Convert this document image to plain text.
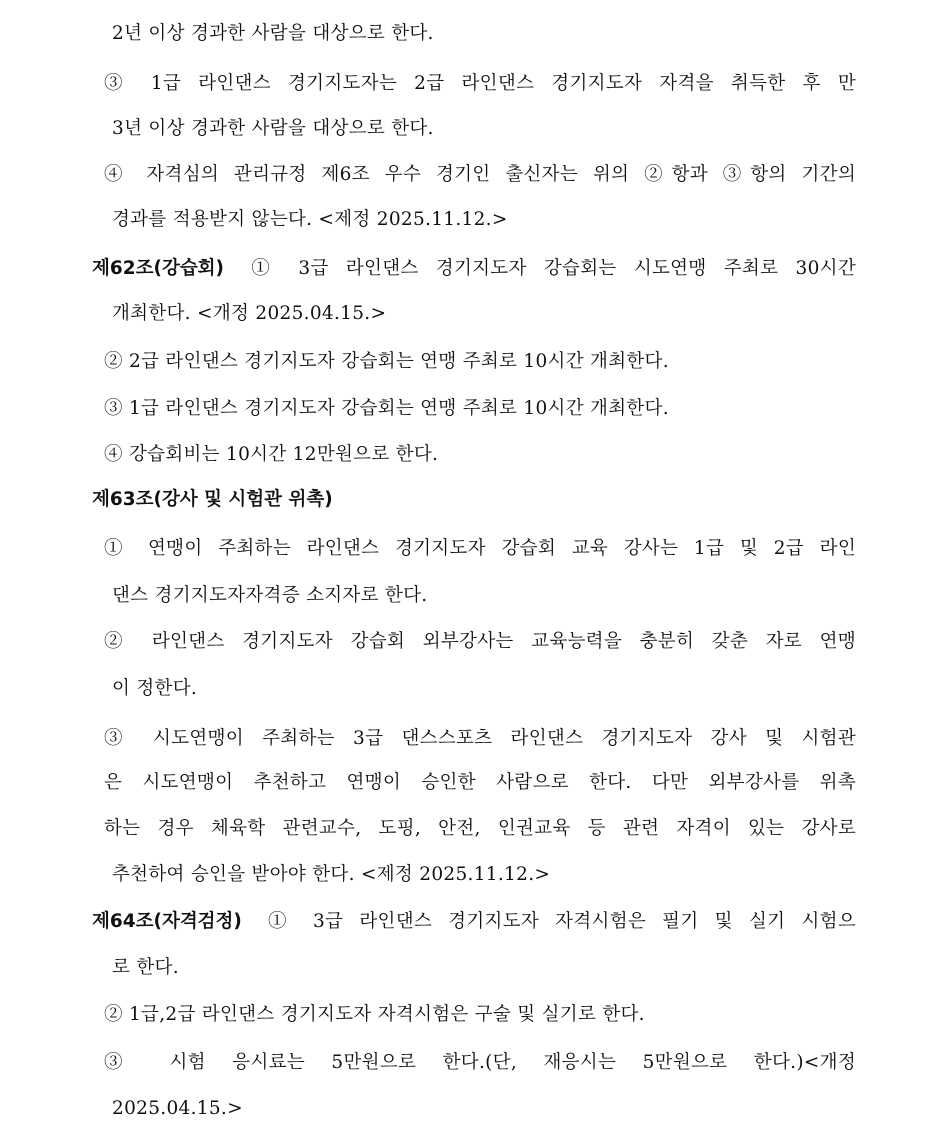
2년 이상 경과한 사람을 대상으로 한다.
③ 1급 라인댄스 경기지도자는 2급 라인댄스 경기지도자 자격을 취득한 후 만
3년 이상 경과한 사람을 대상으로 한다.
④ 자격심의 관리규정 제6조 우수 경기인 출신자는 위의 ②항과 ③항의 기간의
경과를 적용받지 않는다. <제정 2025.11.12.>
제62조(강습회) ① 3급 라인댄스 경기지도자 강습회는 시도연맹 주최로 30시간
개최한다. <개정 2025.04.15.>
② 2급 라인댄스 경기지도자 강습회는 연맹 주최로 10시간 개최한다.
③ 1급 라인댄스 경기지도자 강습회는 연맹 주최로 10시간 개최한다.
④ 강습회비는 10시간 12만원으로 한다.
제63조(강사 및 시험관 위촉)
① 연맹이 주최하는 라인댄스 경기지도자 강습회 교육 강사는 1급 및 2급 라인
댄스 경기지도자자격증 소지자로 한다.
② 라인댄스 경기지도자 강습회 외부강사는 교육능력을 충분히 갖춘 자로 연맹
이 정한다.
③ 시도연맹이 주최하는 3급 댄스스포츠 라인댄스 경기지도자 강사 및 시험관
은 시도연맹이 추천하고 연맹이 승인한 사람으로 한다. 다만 외부강사를 위촉
하는 경우 체육학 관련교수, 도핑, 안전, 인권교육 등 관련 자격이 있는 강사로
추천하여 승인을 받아야 한다. <제정 2025.11.12.>
제64조(자격검정) ① 3급 라인댄스 경기지도자 자격시험은 필기 및 실기 시험으
로 한다.
② 1급,2급 라인댄스 경기지도자 자격시험은 구술 및 실기로 한다.
③ 시험 응시료는 5만원으로 한다.(단, 재응시는 5만원으로 한다.)<개정
2025.04.15.>
